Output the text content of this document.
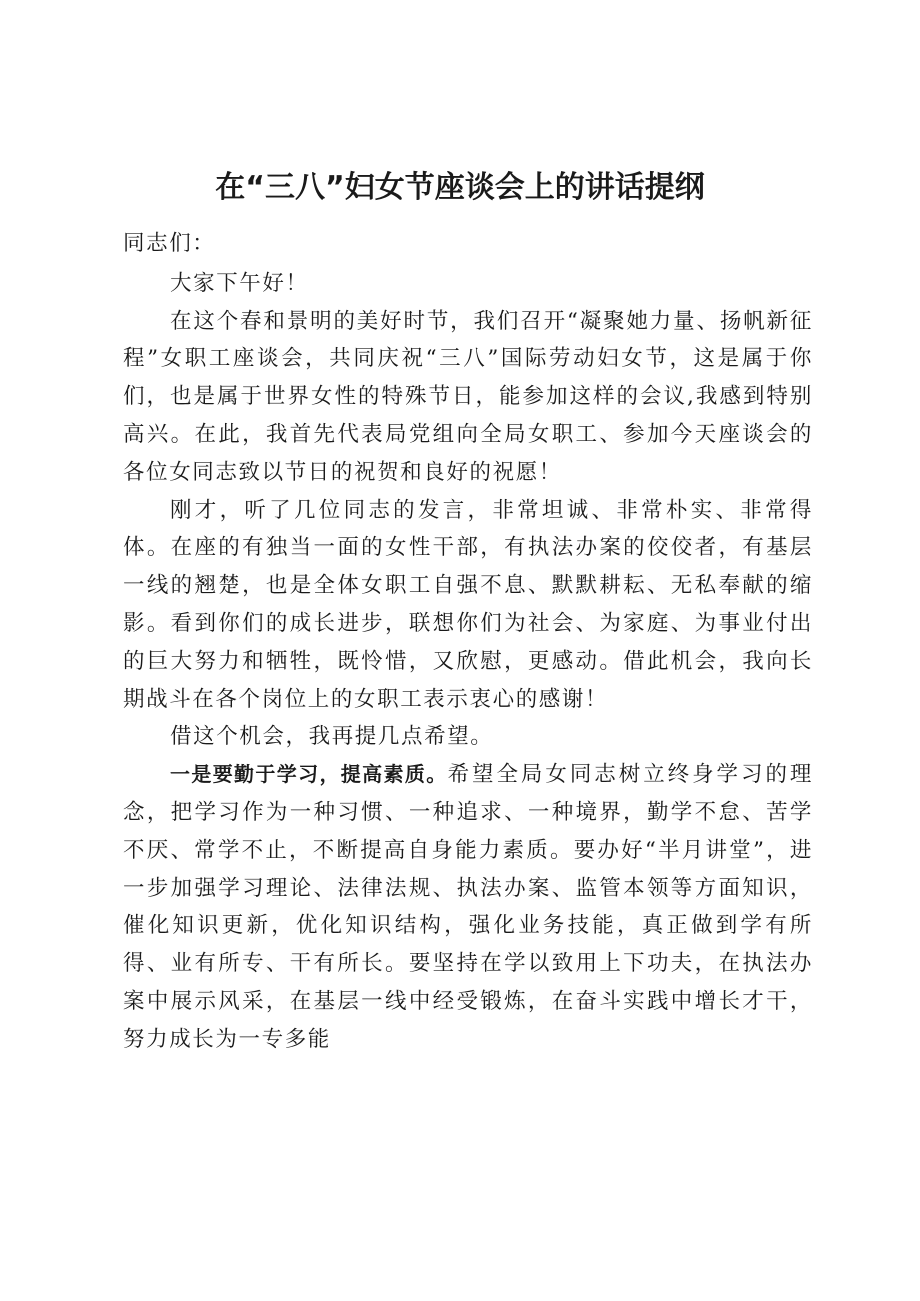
在“三八”妇女节座谈会上的讲话提纲

同志们：

大家下午好！

在这个春和景明的美好时节，我们召开“凝聚她力量、扬帆新征程”女职工座谈会，共同庆祝“三八”国际劳动妇女节，这是属于你们，也是属于世界女性的特殊节日，能参加这样的会议,我感到特别高兴。在此，我首先代表局党组向全局女职工、参加今天座谈会的各位女同志致以节日的祝贺和良好的祝愿！

刚才，听了几位同志的发言，非常坦诚、非常朴实、非常得体。在座的有独当一面的女性干部，有执法办案的佼佼者，有基层一线的翘楚，也是全体女职工自强不息、默默耕耘、无私奉献的缩影。看到你们的成长进步，联想你们为社会、为家庭、为事业付出的巨大努力和牺牲，既怜惜，又欣慰，更感动。借此机会，我向长期战斗在各个岗位上的女职工表示衷心的感谢！

借这个机会，我再提几点希望。

一是要勤于学习，提高素质。希望全局女同志树立终身学习的理念，把学习作为一种习惯、一种追求、一种境界，勤学不怠、苦学不厌、常学不止，不断提高自身能力素质。要办好“半月讲堂”，进一步加强学习理论、法律法规、执法办案、监管本领等方面知识，催化知识更新，优化知识结构，强化业务技能，真正做到学有所得、业有所专、干有所长。要坚持在学以致用上下功夫，在执法办案中展示风采，在基层一线中经受锻炼，在奋斗实践中增长才干，努力成长为一专多能
